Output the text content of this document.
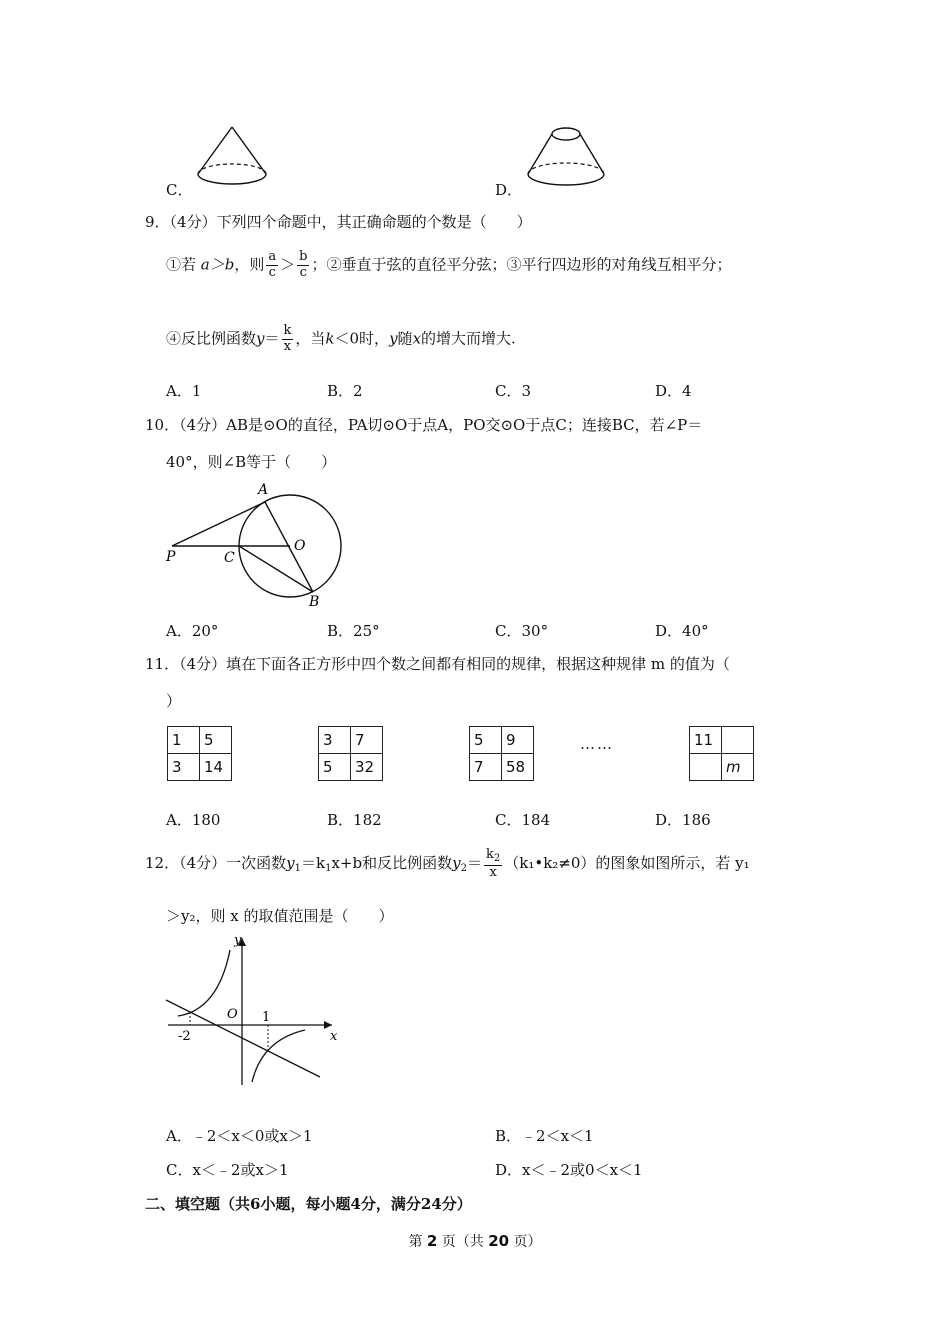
C．	D．
9．（4分）下列四个命题中，其正确命题的个数是（　　）
①若 a＞b，则 $\frac{a}{c} > \frac{b}{c}$ ；②垂直于弦的直径平分弦；③平行四边形的对角线互相平分；
④反比例函数$y= \frac{k}{x}$ ，当k＜0时，y随x的增大而增大.
A．1	B．2	C．3	D．4
10．（4分）AB是⊙O的直径，PA切⊙O于点A，PO交⊙O于点C；连接BC，若∠P＝
40°，则∠B等于（　　）
A
O
P	C
B
A．20°	B．25°	C．30°	D．40°
11．（4分）填在下面各正方形中四个数之间都有相同的规律，根据这种规律 m 的值为（
）
1	5
3	14
3	7
5	32
5	9
7	58
……	11	
	m
A．180	B．182	C．184	D．186
12．（4分）一次函数$y_1=k_1x+b$和反比例函数$y_2= \frac{k_2}{x}$ （k₁•k₂≠0）的图象如图所示，若 y₁
＞y₂，则 x 的取值范围是（　　）
y
x
O 1
-2
A．﹣2＜x＜0或x＞1	B．﹣2＜x＜1
C．x＜﹣2或x＞1	D．x＜﹣2或0＜x＜1
二、填空题（共6小题，每小题4分，满分24分）
第 2 页（共 20 页）
